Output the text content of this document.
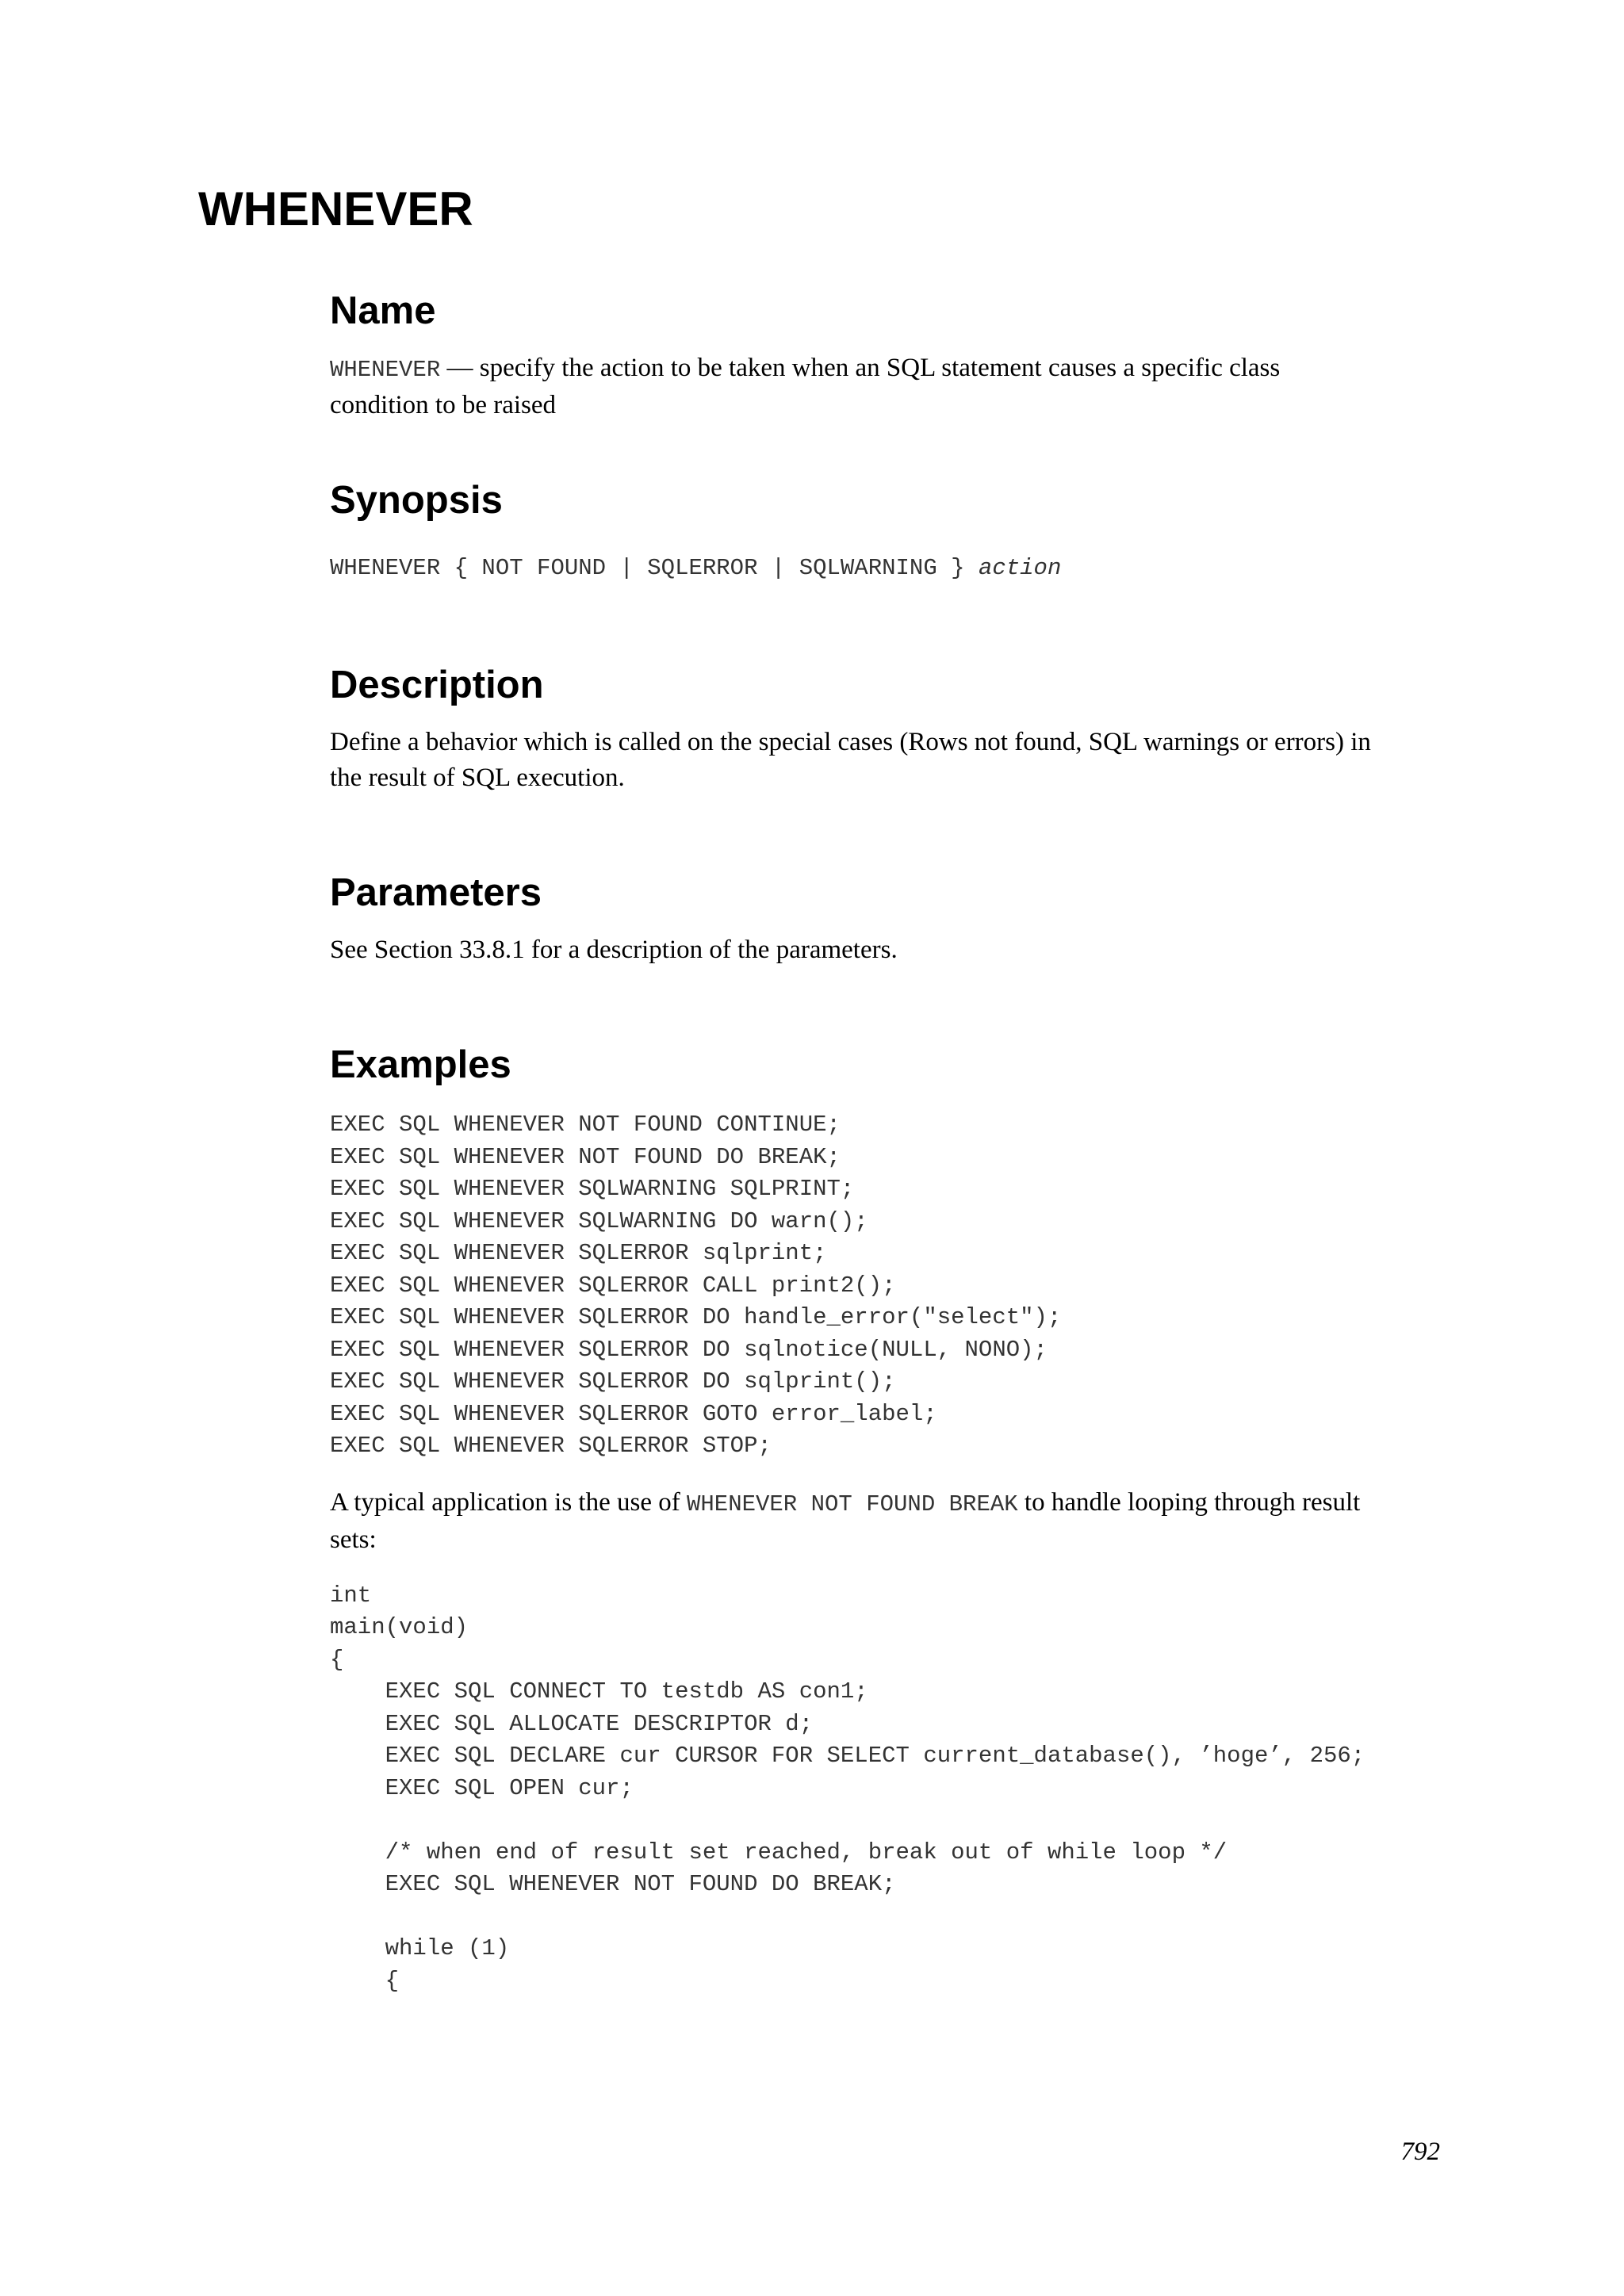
WHENEVER
Name

WHENEVER — specify the action to be taken when an SQL statement causes a specific class
condition to be raised

Synopsis

WHENEVER { NOT FOUND | SQLERROR | SQLWARNING } action

Description

Define a behavior which is called on the special cases (Rows not found, SQL warnings or errors) in
the result of SQL execution.

Parameters

See Section 33.8.1 for a description of the parameters.

Examples
EXEC SQL WHENEVER NOT FOUND CONTINUE;
EXEC SQL WHENEVER NOT FOUND DO BREAK;
EXEC SQL WHENEVER SQLWARNING SQLPRINT;
EXEC SQL WHENEVER SQLWARNING DO warn();
EXEC SQL WHENEVER SQLERROR sqlprint;
EXEC SQL WHENEVER SQLERROR CALL print2();
EXEC SQL WHENEVER SQLERROR DO handle_error("select");
EXEC SQL WHENEVER SQLERROR DO sqlnotice(NULL, NONO);
EXEC SQL WHENEVER SQLERROR DO sqlprint();
EXEC SQL WHENEVER SQLERROR GOTO error_label;
EXEC SQL WHENEVER SQLERROR STOP;

A typical application is the use of WHENEVER NOT FOUND BREAK to handle looping through result
sets:

int
main(void)
{
EXEC SQL CONNECT TO testdb AS con1;
EXEC SQL ALLOCATE DESCRIPTOR d;
EXEC SQL DECLARE cur CURSOR FOR SELECT current_database(), ’hoge’, 256;
EXEC SQL OPEN cur;
/* when end of result set reached, break out of while loop */
EXEC SQL WHENEVER NOT FOUND DO BREAK;
while (1)
{
792
